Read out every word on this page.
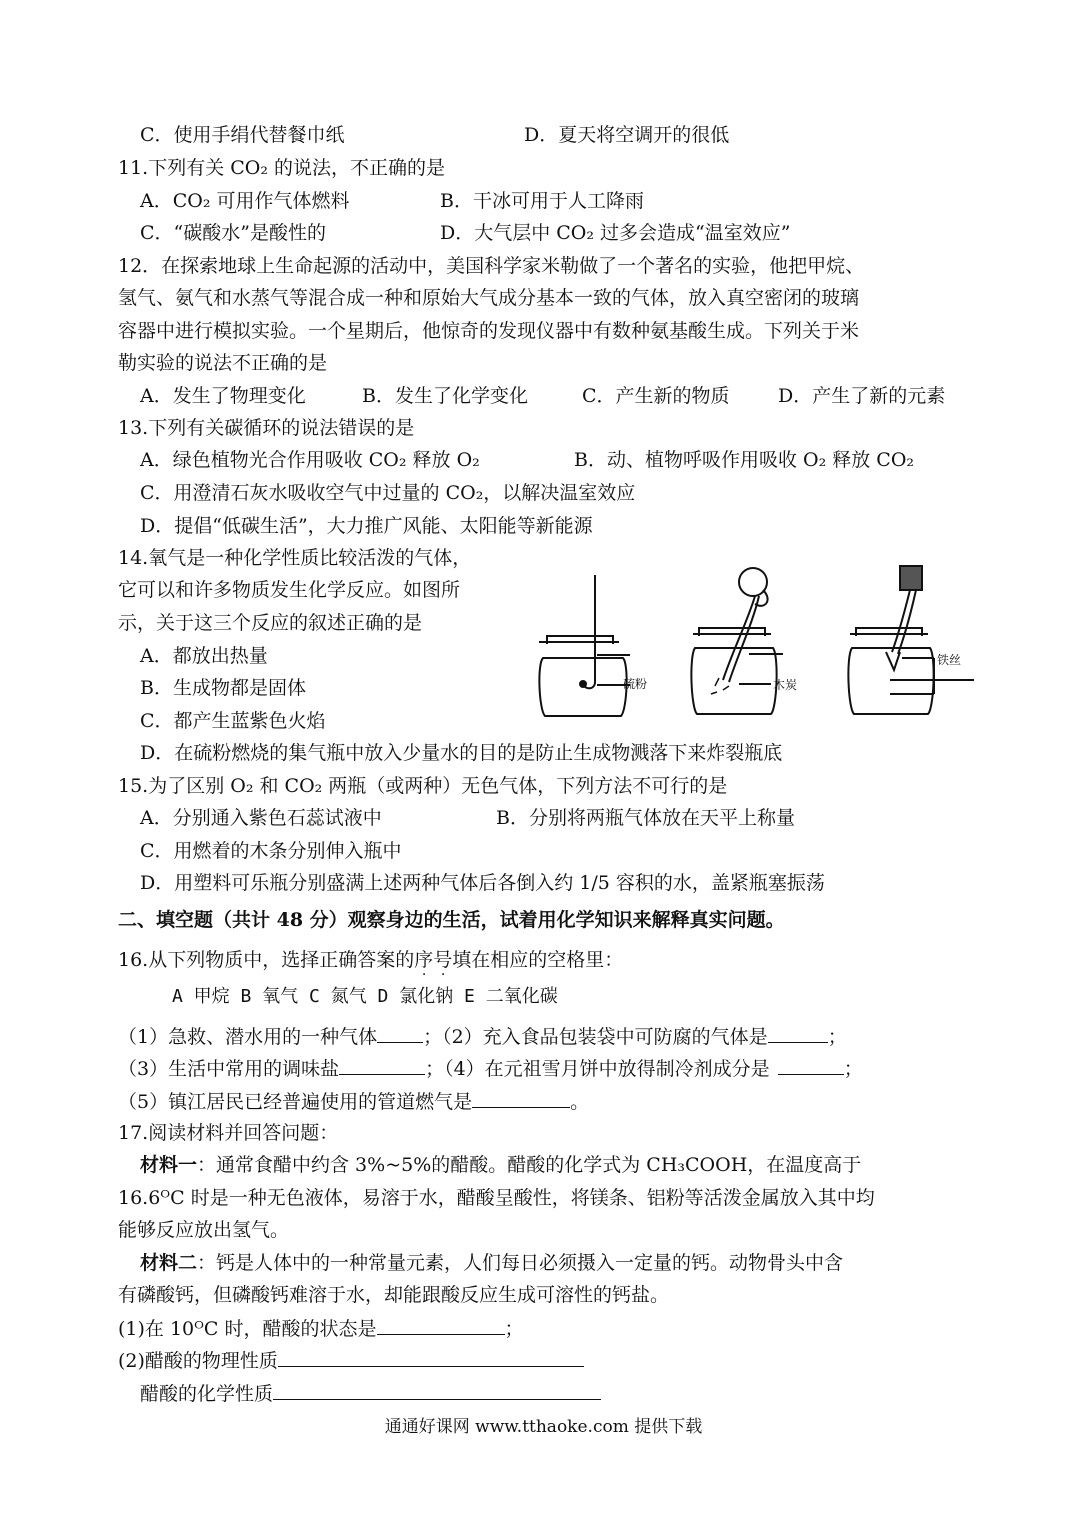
C．使用手绢代替餐巾纸	D．夏天将空调开的很低
11.下列有关 CO₂ 的说法，不正确的是
A．CO₂ 可用作气体燃料	B．干冰可用于人工降雨
C．“碳酸水”是酸性的	D．大气层中 CO₂ 过多会造成“温室效应”
12．在探索地球上生命起源的活动中，美国科学家米勒做了一个著名的实验，他把甲烷、
氢气、氨气和水蒸气等混合成一种和原始大气成分基本一致的气体，放入真空密闭的玻璃
容器中进行模拟实验。一个星期后，他惊奇的发现仪器中有数种氨基酸生成。下列关于米
勒实验的说法不正确的是
A．发生了物理变化	B．发生了化学变化	C．产生新的物质	D．产生了新的元素
13.下列有关碳循环的说法错误的是
A．绿色植物光合作用吸收 CO₂ 释放 O₂	B．动、植物呼吸作用吸收 O₂ 释放 CO₂
C．用澄清石灰水吸收空气中过量的 CO₂，以解决温室效应
D．提倡“低碳生活”，大力推广风能、太阳能等新能源
14.氧气是一种化学性质比较活泼的气体，
它可以和许多物质发生化学反应。如图所
示，关于这三个反应的叙述正确的是
A．都放出热量
B．生成物都是固体
C．都产生蓝紫色火焰
D．在硫粉燃烧的集气瓶中放入少量水的目的是防止生成物溅落下来炸裂瓶底
硫粉	木炭
铁丝
15.为了区别 O₂ 和 CO₂ 两瓶（或两种）无色气体，下列方法不可行的是
A．分别通入紫色石蕊试液中	B．分别将两瓶气体放在天平上称量
C．用燃着的木条分别伸入瓶中
D．用塑料可乐瓶分别盛满上述两种气体后各倒入约 1/5 容积的水，盖紧瓶塞振荡
二、填空题（共计 48 分）观察身边的生活，试着用化学知识来解释真实问题。
16.从下列物质中，选择正确答案的序号填在相应的空格里：
A 甲烷 B 氧气 C 氮气 D 氯化钠 E 二氧化碳
（1）急救、潜水用的一种气体 ；（2）充入食品包装袋中可防腐的气体是	；
（3）生活中常用的调味盐	；（4）在元祖雪月饼中放得制冷剂成分是	；
（5）镇江居民已经普遍使用的管道燃气是	。
17.阅读材料并回答问题：
材料一：通常食醋中约含 3%~5%的醋酸。醋酸的化学式为 CH₃COOH，在温度高于
16.6ᴼC 时是一种无色液体，易溶于水，醋酸呈酸性，将镁条、铝粉等活泼金属放入其中均
能够反应放出氢气。
材料二：钙是人体中的一种常量元素，人们每日必须摄入一定量的钙。动物骨头中含
有磷酸钙，但磷酸钙难溶于水，却能跟酸反应生成可溶性的钙盐。
(1)在 10ᴼC 时，醋酸的状态是	；
(2)醋酸的物理性质
醋酸的化学性质
通通好课网 www.tthaoke.com 提供下载
